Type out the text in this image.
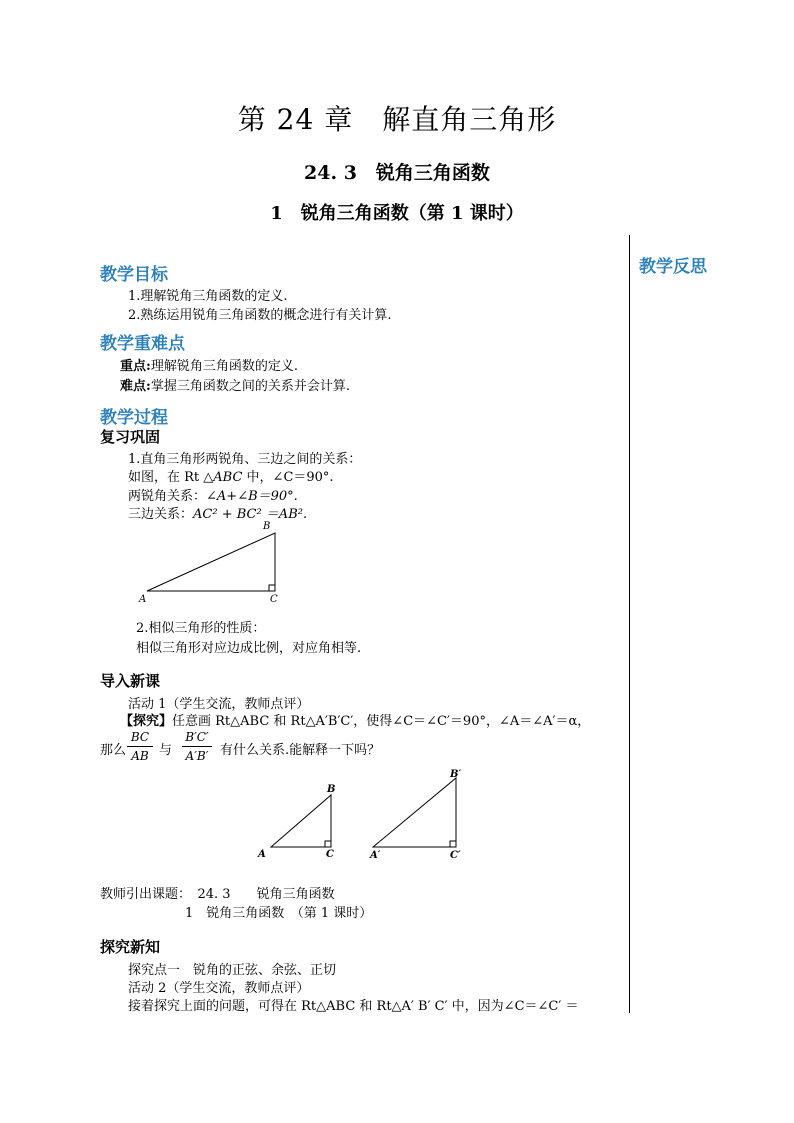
第 24 章　解直角三角形
24. 3　锐角三角函数
1　锐角三角函数（第 1 课时）
教学反思
教学目标
1.理解锐角三角函数的定义.
2.熟练运用锐角三角函数的概念进行有关计算.
教学重难点
重点:理解锐角三角函数的定义.
难点:掌握三角函数之间的关系并会计算.
教学过程
复习巩固
1.直角三角形两锐角、三边之间的关系：
如图，在 Rt △ABC 中，∠C＝90°.
两锐角关系：∠A+∠B＝90°.
三边关系：AC² + BC² ＝AB².
A
B
C
2.相似三角形的性质：
相似三角形对应边成比例，对应角相等.
导入新课
活动 1（学生交流，教师点评）
【探究】任意画 Rt△ABC 和 Rt△A′B′C′，使得∠C＝∠C′＝90°，∠A＝∠A′＝α，
那么
BC
AB 与
B′C′
A′B′ 有什么关系.能解释一下吗？
A
B
C	A′
B′
C′
教师引出课题：　24. 3　　锐角三角函数
1　锐角三角函数　（第 1 课时）
探究新知
探究点一　锐角的正弦、余弦、正切
活动 2（学生交流，教师点评）
接着探究上面的问题，可得在 Rt△ABC 和 Rt△A′ B′ C′ 中，因为∠C＝∠C′ ＝
